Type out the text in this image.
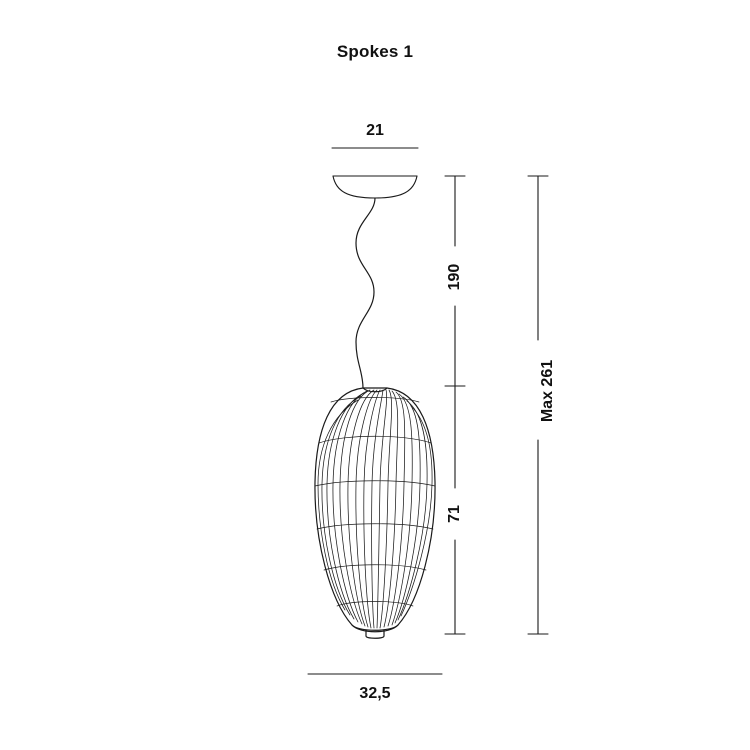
Spokes 1
21
190
71
Max 261
32,5
